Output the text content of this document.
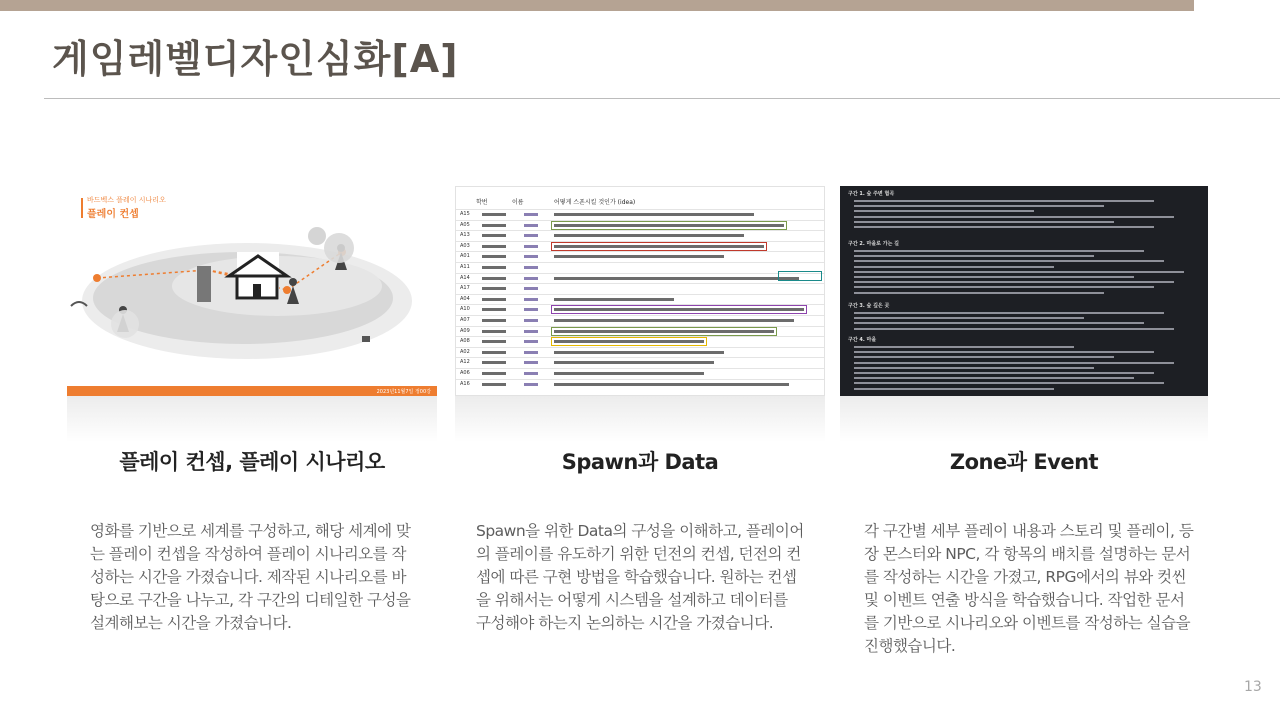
게임레벨디자인심화[A]
바드벡스 플레이 시나리오
플레이 컨셉
2023년11월7일 정00강
학번	이름	어떻게 스폰시킬 것인가 (idea)
A15
A05
A13
A03
A01
A11
A14
A17
A04
A10
A07
A09
A08
A02
A12
A06
A16
구간 1. 숲 주변 협곡
구간 2. 마을로 가는 길
구간 3. 숲 깊은 곳
구간 4. 마을
플레이 컨셉, 플레이 시나리오	Spawn과 Data	Zone과 Event

영화를 기반으로 세계를 구성하고, 해당 세계에 맞는 플레이 컨셉을 작성하여 플레이 시나리오를 작성하는 시간을 가졌습니다. 제작된 시나리오를 바탕으로 구간을 나누고, 각 구간의 디테일한 구성을 설계해보는 시간을 가졌습니다.

Spawn을 위한 Data의 구성을 이해하고, 플레이어의 플레이를 유도하기 위한 던전의 컨셉, 던전의 컨셉에 따른 구현 방법을 학습했습니다. 원하는 컨셉을 위해서는 어떻게 시스템을 설계하고 데이터를 구성해야 하는지 논의하는 시간을 가졌습니다.

각 구간별 세부 플레이 내용과 스토리 및 플레이, 등장 몬스터와 NPC, 각 항목의 배치를 설명하는 문서를 작성하는 시간을 가졌고, RPG에서의 뷰와 컷씬 및 이벤트 연출 방식을 학습했습니다. 작업한 문서를 기반으로 시나리오와 이벤트를 작성하는 실습을 진행했습니다.

13
